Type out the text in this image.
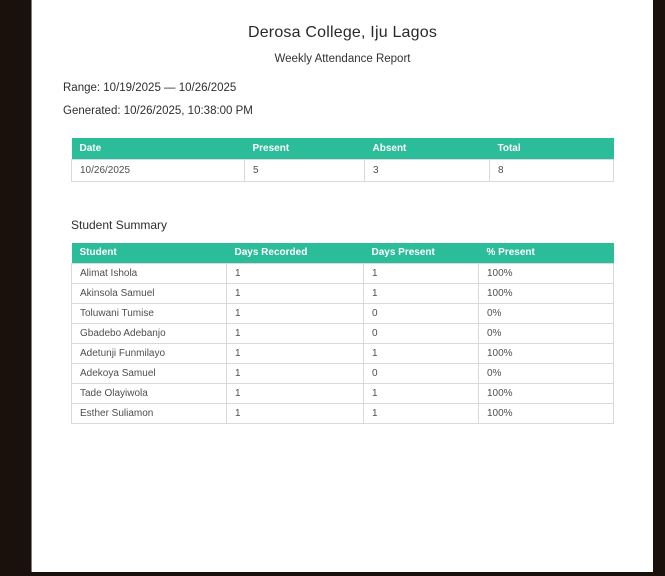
Derosa College, Iju Lagos
Weekly Attendance Report
Range: 10/19/2025 — 10/26/2025
Generated: 10/26/2025, 10:38:00 PM
Date	Present	Absent	Total
10/26/2025	5	3	8
Student Summary
Student	Days Recorded	Days Present	% Present
Alimat Ishola	1	1	100%
Akinsola Samuel	1	1	100%
Toluwani Tumise	1	0	0%
Gbadebo Adebanjo	1	0	0%
Adetunji Funmilayo	1	1	100%
Adekoya Samuel	1	0	0%
Tade Olayiwola	1	1	100%
Esther Suliamon	1	1	100%
